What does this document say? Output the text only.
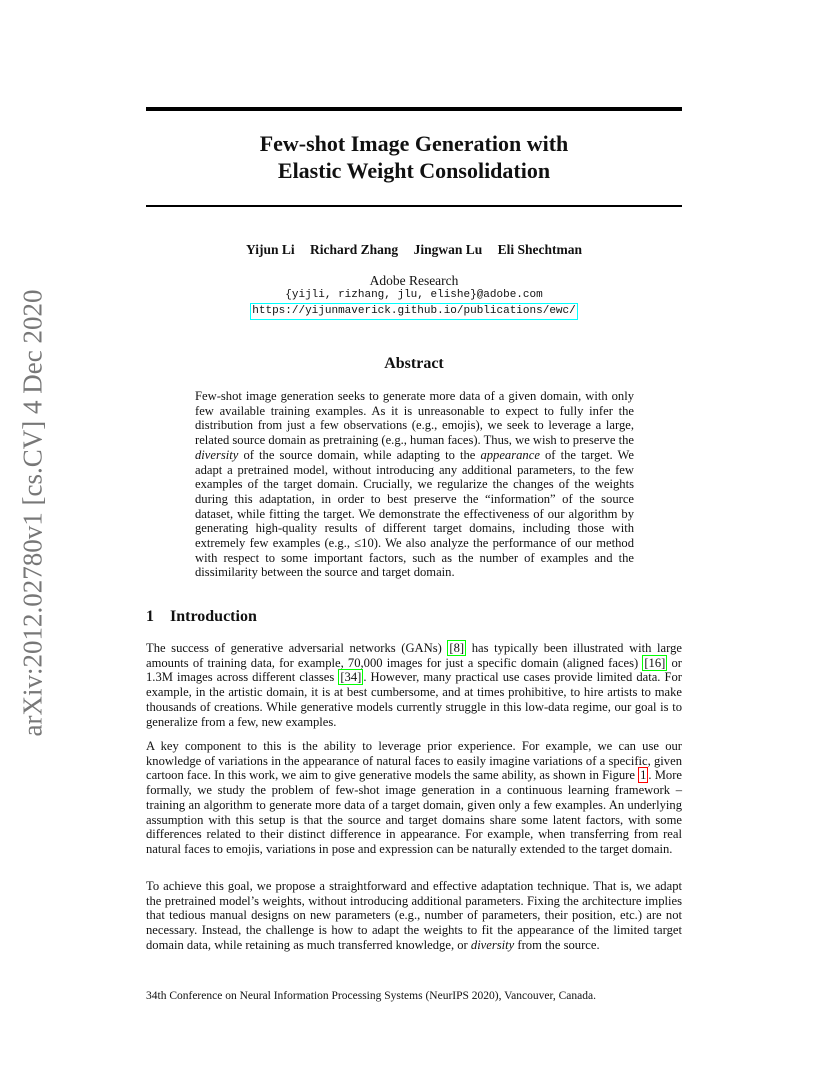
arXiv:2012.02780v1 [cs.CV] 4 Dec 2020
Few-shot Image Generation with
Elastic Weight Consolidation
Yijun Li Richard Zhang Jingwan Lu Eli Shechtman
Adobe Research
{yijli, rizhang, jlu, elishe}@adobe.com
https://yijunmaverick.github.io/publications/ewc/
Abstract
Few-shot image generation seeks to generate more data of a given domain, with only few available training examples. As it is unreasonable to expect to fully infer the distribution from just a few observations (e.g., emojis), we seek to leverage a large, related source domain as pretraining (e.g., human faces). Thus, we wish to preserve the diversity of the source domain, while adapting to the appearance of the target. We adapt a pretrained model, without introducing any additional parameters, to the few examples of the target domain. Crucially, we regularize the changes of the weights during this adaptation, in order to best preserve the “information” of the source dataset, while fitting the target. We demonstrate the effectiveness of our algorithm by generating high-quality results of different target domains, including those with extremely few examples (e.g., ≤10). We also analyze the performance of our method with respect to some important factors, such as the number of examples and the dissimilarity between the source and target domain.
1 Introduction
The success of generative adversarial networks (GANs) [8] has typically been illustrated with large amounts of training data, for example, 70,000 images for just a specific domain (aligned faces) [16] or 1.3M images across different classes [34] . However, many practical use cases provide limited data. For example, in the artistic domain, it is at best cumbersome, and at times prohibitive, to hire artists to make thousands of creations. While generative models currently struggle in this low-data regime, our goal is to generalize from a few, new examples.
A key component to this is the ability to leverage prior experience. For example, we can use our knowledge of variations in the appearance of natural faces to easily imagine variations of a specific, given cartoon face. In this work, we aim to give generative models the same ability, as shown in Figure 1 . More formally, we study the problem of few-shot image generation in a continuous learning framework – training an algorithm to generate more data of a target domain, given only a few examples. An underlying assumption with this setup is that the source and target domains share some latent factors, with some differences related to their distinct difference in appearance. For example, when transferring from real natural faces to emojis, variations in pose and expression can be naturally extended to the target domain.
To achieve this goal, we propose a straightforward and effective adaptation technique. That is, we adapt the pretrained model’s weights, without introducing additional parameters. Fixing the architecture implies that tedious manual designs on new parameters (e.g., number of parameters, their position, etc.) are not necessary. Instead, the challenge is how to adapt the weights to fit the appearance of the limited target domain data, while retaining as much transferred knowledge, or diversity from the source.
34th Conference on Neural Information Processing Systems (NeurIPS 2020), Vancouver, Canada.
